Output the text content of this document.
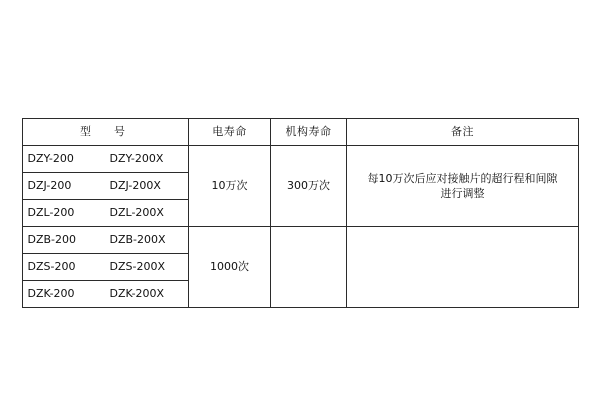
型　号	电寿命	机构寿命	备注

DZY-200 DZY-200X	10万次	300万次	每10万次后应对接触片的超行程和间隙
进行调整

DZJ-200 DZJ-200X			

DZL-200 DZL-200X			

DZB-200 DZB-200X	1000次		

DZS-200 DZS-200X			

DZK-200 DZK-200X			
